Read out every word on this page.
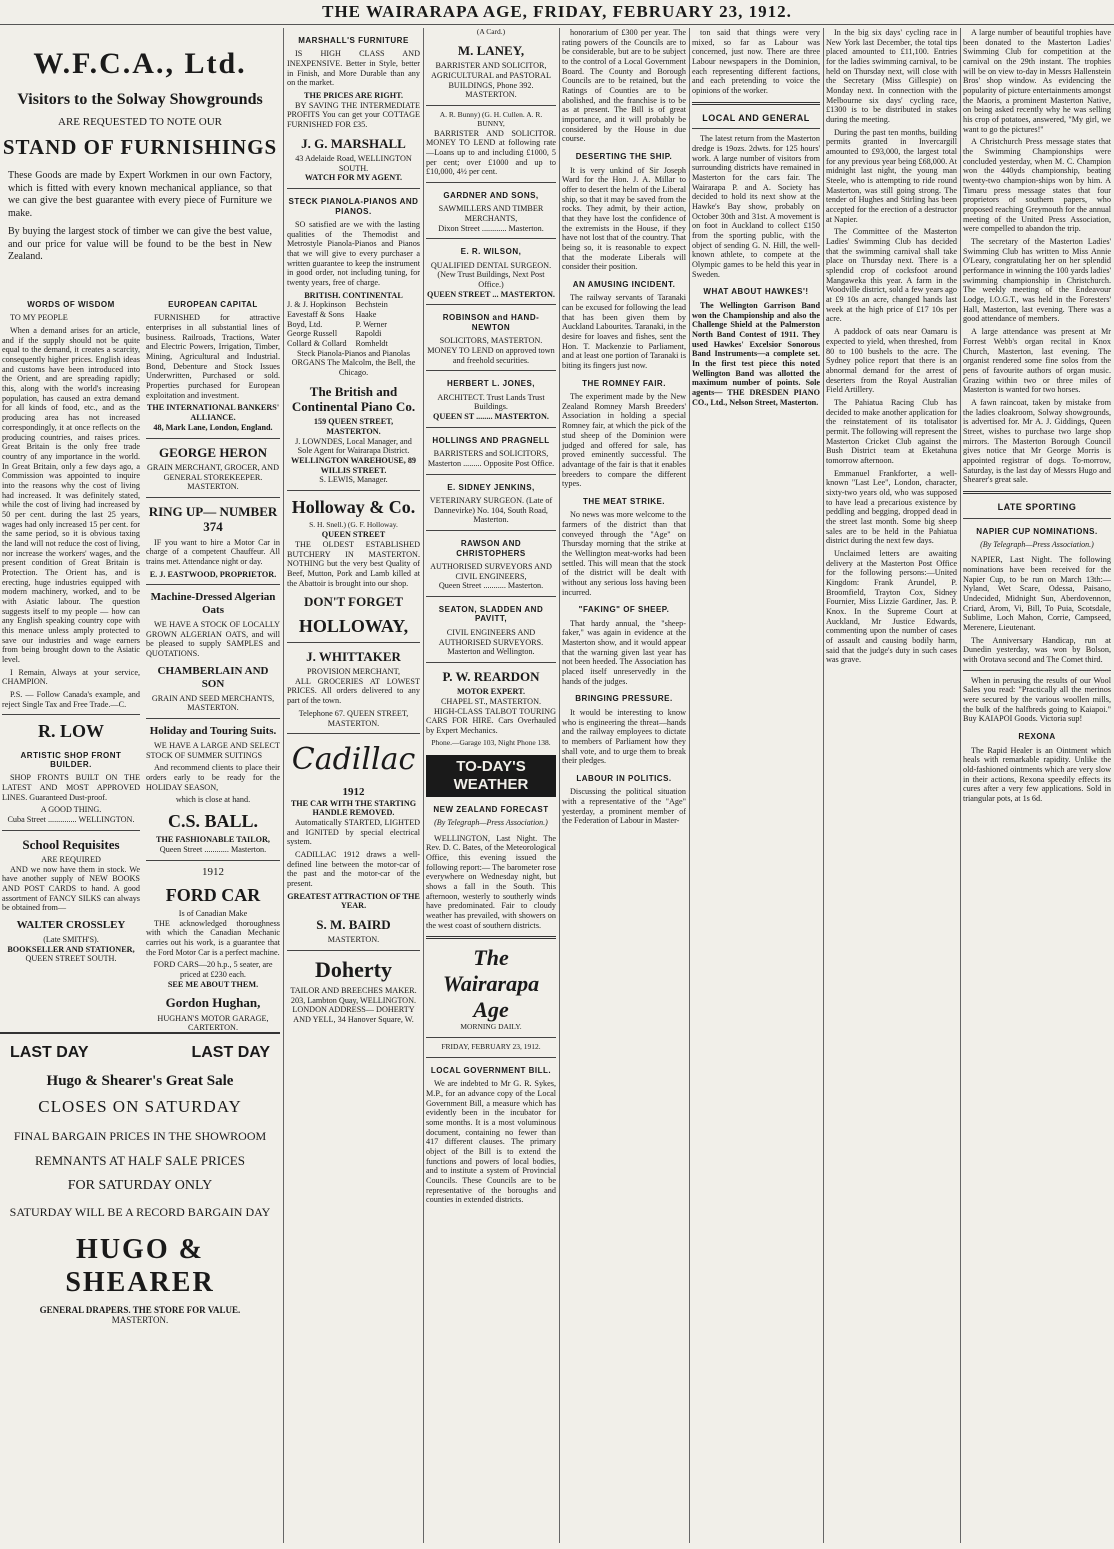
THE WAIRARAPA AGE, FRIDAY, FEBRUARY 23, 1912.
W.F.C.A., Ltd.
Visitors to the Solway Showgrounds
ARE REQUESTED TO NOTE OUR
STAND OF FURNISHINGS
These Goods are made by Expert Workmen in our own Factory, which is fitted with every known mechanical appliance, so that we can give the best guarantee with every piece of Furniture we make.
By buying the largest stock of timber we can give the best value, and our price for value will be found to be the best in New Zealand.
WORDS OF WISDOM

TO MY PEOPLE

When a demand arises for an article, and if the supply should not be quite equal to the demand, it creates a scarcity, consequently higher prices. English ideas and customs have been introduced into the Orient, and are spreading rapidly; this, along with the world's increasing population, has caused an extra demand for all kinds of food, etc., and as the producing area has not increased correspondingly, it at once reflects on the producing countries, and raises prices. Great Britain is the only free trade country of any importance in the world. In Great Britain, only a few days ago, a Commission was appointed to inquire into the reasons why the cost of living had increased. It was definitely stated, while the cost of living had increased by 50 per cent. during the last 25 years, wages had only increased 15 per cent. for the same period, so it is obvious taxing the land will not reduce the cost of living, nor increase the workers' wages, and the present condition of Great Britain is Protection. The Orient has, and is erecting, huge industries equipped with modern machinery, worked, and to be with Asiatic labour. The question suggests itself to my people — how can any English speaking country cope with this menace unless amply protected to save our industries and wage earners from being brought down to the Asiatic level.

I Remain, Always at your service, CHAMPION.

P.S. — Follow Canada's example, and reject Single Tax and Free Trade.—C.

R. LOW
ARTISTIC SHOP FRONT BUILDER.

SHOP FRONTS BUILT ON THE LATEST AND MOST APPROVED LINES. Guaranteed Dust-proof.

A GOOD THING.
Cuba Street .............. WELLINGTON.
School Requisites
ARE REQUIRED

AND we now have them in stock. We have another supply of NEW BOOKS AND POST CARDS to hand. A good assortment of FANCY SILKS can always be obtained from—

WALTER CROSSLEY
(Late SMITH'S).
BOOKSELLER AND STATIONER,
QUEEN STREET SOUTH.
EUROPEAN CAPITAL

FURNISHED for attractive enterprises in all substantial lines of business. Railroads, Tractions, Water and Electric Powers, Irrigation, Timber, Mining, Agricultural and Industrial. Bond, Debenture and Stock Issues Underwritten, Purchased or sold. Properties purchased for European exploitation and investment.

THE INTERNATIONAL BANKERS' ALLIANCE.
48, Mark Lane, London, England.
GEORGE HERON
GRAIN MERCHANT, GROCER, AND GENERAL STOREKEEPER.
MASTERTON.
RING UP— NUMBER 374

IF you want to hire a Motor Car in charge of a competent Chauffeur. All trains met. Attendance night or day.

E. J. EASTWOOD, PROPRIETOR.
Machine-Dressed Algerian Oats

WE HAVE A STOCK OF LOCALLY GROWN ALGERIAN OATS, and will be pleased to supply SAMPLES and QUOTATIONS.

CHAMBERLAIN AND SON
GRAIN AND SEED MERCHANTS, MASTERTON.
Holiday and Touring Suits.

WE HAVE A LARGE AND SELECT STOCK OF SUMMER SUITINGS

And recommend clients to place their orders early to be ready for the HOLIDAY SEASON,

which is close at hand.
C.S. BALL.
THE FASHIONABLE TAILOR,
Queen Street ............ Masterton.
1912
FORD CAR
Is of Canadian Make

THE acknowledged thoroughness with which the Canadian Mechanic carries out his work, is a guarantee that the Ford Motor Car is a perfect machine.

FORD CARS—20 h.p., 5 seater, are priced at £230 each.
SEE ME ABOUT THEM.
Gordon Hughan,
HUGHAN'S MOTOR GARAGE, CARTERTON.
LAST DAY	LAST DAY
Hugo & Shearer's Great Sale
CLOSES ON SATURDAY
FINAL BARGAIN PRICES IN THE SHOWROOM
REMNANTS AT HALF SALE PRICES
FOR SATURDAY ONLY
SATURDAY WILL BE A RECORD BARGAIN DAY
HUGO & SHEARER
GENERAL DRAPERS. THE STORE FOR VALUE.
MASTERTON.
MARSHALL'S FURNITURE

IS HIGH CLASS AND INEXPENSIVE. Better in Style, better in Finish, and More Durable than any on the market.

THE PRICES ARE RIGHT.

BY SAVING THE INTERMEDIATE PROFITS You can get your COTTAGE FURNISHED FOR £35.

J. G. MARSHALL
43 Adelaide Road, WELLINGTON SOUTH.
WATCH FOR MY AGENT.
STECK PIANOLA-PIANOS AND PIANOS.

SO satisfied are we with the lasting qualities of the Themodist and Metrostyle Pianola-Pianos and Pianos that we will give to every purchaser a written guarantee to keep the instrument in good order, not including tuning, for twenty years, free of charge.

BRITISH. CONTINENTAL
J. & J. Hopkinson	Bechstein
Eavestaff & Sons	Haake
Boyd, Ltd.	P. Werner
George Russell	Rapoldi
Collard & Collard	Romheldt
Steck Pianola-Pianos and Pianolas
ORGANS The Malcolm, the Bell, the Chicago.
The British and Continental Piano Co.
159 QUEEN STREET, MASTERTON.
J. LOWNDES, Local Manager, and Sole Agent for Wairarapa District.
WELLINGTON WAREHOUSE, 89 WILLIS STREET.
S. LEWIS, Manager.
Holloway & Co.
S. H. Snell.) (G. F. Holloway.
QUEEN STREET

THE OLDEST ESTABLISHED BUTCHERY IN MASTERTON. NOTHING but the very best Quality of Beef, Mutton, Pork and Lamb killed at the Abattoir is brought into our shop.

DON'T FORGET
HOLLOWAY,
J. WHITTAKER
PROVISION MERCHANT,

ALL GROCERIES AT LOWEST PRICES. All orders delivered to any part of the town.

Telephone 67. QUEEN STREET, MASTERTON.
Cadillac
1912
THE CAR WITH THE STARTING HANDLE REMOVED.

Automatically STARTED, LIGHTED and IGNITED by special electrical system.

CADILLAC 1912 draws a well-defined line between the motor-car of the past and the motor-car of the present.

GREATEST ATTRACTION OF THE YEAR.
S. M. BAIRD
MASTERTON.
Doherty
TAILOR AND BREECHES MAKER.
203, Lambton Quay, WELLINGTON.
LONDON ADDRESS— DOHERTY AND YELL, 34 Hanover Square, W.
(A Card.)
M. LANEY,
BARRISTER AND SOLICITOR, AGRICULTURAL and PASTORAL BUILDINGS, Phone 392. MASTERTON.
A. R. Bunny) (G. H. Cullen. A. R. BUNNY,

BARRISTER AND SOLICITOR. MONEY TO LEND at following rate—Loans up to and including £1000, 5 per cent; over £1000 and up to £10,000, 4½ per cent.

GARDNER AND SONS,
SAWMILLERS AND TIMBER MERCHANTS,
Dixon Street ............ Masterton.
E. R. WILSON,
QUALIFIED DENTAL SURGEON. (New Trust Buildings, Next Post Office.)
QUEEN STREET ... MASTERTON.
ROBINSON and HAND-NEWTON
SOLICITORS, MASTERTON. MONEY TO LEND on approved town and freehold securities.
HERBERT L. JONES,
ARCHITECT. Trust Lands Trust Buildings.
QUEEN ST ........ MASTERTON.
HOLLINGS AND PRAGNELL
BARRISTERS and SOLICITORS, Masterton ......... Opposite Post Office.
E. SIDNEY JENKINS,
VETERINARY SURGEON. (Late of Dannevirke) No. 104, South Road, Masterton.
RAWSON AND CHRISTOPHERS
AUTHORISED SURVEYORS AND CIVIL ENGINEERS,
Queen Street ........... Masterton.
SEATON, SLADDEN AND PAVITT,
CIVIL ENGINEERS AND AUTHORISED SURVEYORS. Masterton and Wellington.
P. W. REARDON
MOTOR EXPERT.
CHAPEL ST., MASTERTON.

HIGH-CLASS TALBOT TOURING CARS FOR HIRE. Cars Overhauled by Expert Mechanics.

Phone.—Garage 103, Night Phone 138.
TO-DAY'S WEATHER
NEW ZEALAND FORECAST
(By Telegraph—Press Association.)

WELLINGTON, Last Night. The Rev. D. C. Bates, of the Meteorological Office, this evening issued the following report:— The barometer rose everywhere on Wednesday night, but shows a fall in the South. This afternoon, westerly to southerly winds have predominated. Fair to cloudy weather has prevailed, with showers on the west coast of southern districts.

The Wairarapa Age
MORNING DAILY.
FRIDAY, FEBRUARY 23, 1912.
LOCAL GOVERNMENT BILL.

We are indebted to Mr G. R. Sykes, M.P., for an advance copy of the Local Government Bill, a measure which has evidently been in the incubator for some months. It is a most voluminous document, containing no fewer than 417 different clauses. The primary object of the Bill is to extend the functions and powers of local bodies, and to institute a system of Provincial Councils. These Councils are to be representative of the boroughs and counties in extended districts.

honorarium of £300 per year. The rating powers of the Councils are to be considerable, but are to be subject to the control of a Local Government Board. The County and Borough Councils are to be retained, but the Ratings of Counties are to be abolished, and the franchise is to be as at present. The Bill is of great importance, and it will probably be considered by the House in due course.

DESERTING THE SHIP.

It is very unkind of Sir Joseph Ward for the Hon. J. A. Millar to offer to desert the helm of the Liberal ship, so that it may be saved from the rocks. They admit, by their action, that they have lost the confidence of the extremists in the House, if they have not lost that of the country. That being so, it is reasonable to expect that the moderate Liberals will consider their position.

AN AMUSING INCIDENT.

The railway servants of Taranaki can be excused for following the lead that has been given them by Auckland Labourites. Taranaki, in the desire for loaves and fishes, sent the Hon. T. Mackenzie to Parliament, and at least one portion of Taranaki is biting its fingers just now.

THE ROMNEY FAIR.

The experiment made by the New Zealand Romney Marsh Breeders' Association in holding a special Romney fair, at which the pick of the stud sheep of the Dominion were judged and offered for sale, has proved eminently successful. The advantage of the fair is that it enables breeders to compare the different types.

THE MEAT STRIKE.

No news was more welcome to the farmers of the district than that conveyed through the "Age" on Thursday morning that the strike at the Wellington meat-works had been settled. This will mean that the stock of the district will be dealt with without any serious loss having been incurred.

"FAKING" OF SHEEP.

That hardy annual, the "sheep-faker," was again in evidence at the Masterton show, and it would appear that the warning given last year has not been heeded. The Association has placed itself unreservedly in the hands of the judges.

BRINGING PRESSURE.

It would be interesting to know who is engineering the threat—hands and the railway employees to dictate to members of Parliament how they shall vote, and to urge them to break their pledges.

LABOUR IN POLITICS.

Discussing the political situation with a representative of the "Age" yesterday, a prominent member of the Federation of Labour in Master-

ton said that things were very mixed, so far as Labour was concerned, just now. There are three Labour newspapers in the Dominion, each representing different factions, and each pretending to voice the opinions of the worker.

LOCAL AND GENERAL

The latest return from the Masterton dredge is 19ozs. 2dwts. for 125 hours' work. A large number of visitors from surrounding districts have remained in Masterton for the cars fair. The Wairarapa P. and A. Society has decided to hold its next show at the Hawke's Bay show, probably on October 30th and 31st. A movement is on foot in Auckland to collect £150 from the sporting public, with the object of sending G. N. Hill, the well-known athlete, to compete at the Olympic games to be held this year in Sweden.

WHAT ABOUT HAWKES'!

The Wellington Garrison Band won the Championship and also the Challenge Shield at the Palmerston North Band Contest of 1911. They used Hawkes' Excelsior Sonorous Band Instruments—a complete set. In the first test piece this noted Wellington Band was allotted the maximum number of points. Sole agents— THE DRESDEN PIANO CO., Ltd., Nelson Street, Masterton.

In the big six days' cycling race in New York last December, the total tips placed amounted to £11,100. Entries for the ladies swimming carnival, to be held on Thursday next, will close with the Secretary (Miss Gillespie) on Monday next. In connection with the Melbourne six days' cycling race, £1300 is to be distributed in stakes during the meeting.

During the past ten months, building permits granted in Invercargill amounted to £93,000, the largest total for any previous year being £68,000. At midnight last night, the young man Steele, who is attempting to ride round Masterton, was still going strong. The tender of Hughes and Stirling has been accepted for the erection of a destructor at Napier.

The Committee of the Masterton Ladies' Swimming Club has decided that the swimming carnival shall take place on Thursday next. There is a splendid crop of cocksfoot around Mangaweka this year. A farm in the Woodville district, sold a few years ago at £9 10s an acre, changed hands last week at the high price of £17 10s per acre.

A paddock of oats near Oamaru is expected to yield, when threshed, from 80 to 100 bushels to the acre. The Sydney police report that there is an abnormal demand for the arrest of deserters from the Royal Australian Field Artillery.

The Pahiatua Racing Club has decided to make another application for the reinstatement of its totalisator permit. The following will represent the Masterton Cricket Club against the Bush District team at Eketahuna tomorrow afternoon.

Emmanuel Frankforter, a well-known "Last Lee", London, character, sixty-two years old, who was supposed to have lead a precarious existence by peddling and begging, dropped dead in the street last month. Some big sheep sales are to be held in the Pahiatua district during the next few days.

Unclaimed letters are awaiting delivery at the Masterton Post Office for the following persons:—United Kingdom: Frank Arundel, P. Broomfield, Trayton Cox, Sidney Fournier, Miss Lizzie Gardiner, Jas. P. Knox. In the Supreme Court at Auckland, Mr Justice Edwards, commenting upon the number of cases of assault and causing bodily harm, said that the judge's duty in such cases was grave.

A large number of beautiful trophies have been donated to the Masterton Ladies' Swimming Club for competition at the carnival on the 29th instant. The trophies will be on view to-day in Messrs Hallenstein Bros' shop window. As evidencing the popularity of picture entertainments amongst the Maoris, a prominent Masterton Native, on being asked recently why he was selling his crop of potatoes, answered, "My girl, we want to go the pictures!"

A Christchurch Press message states that the Swimming Championships were concluded yesterday, when M. C. Champion won the 440yds championship, beating twenty-two champion-ships won by him. A Timaru press message states that four proprietors of southern papers, who proposed reaching Greymouth for the annual meeting of the United Press Association, were compelled to abandon the trip.

The secretary of the Masterton Ladies' Swimming Club has written to Miss Annie O'Leary, congratulating her on her splendid performance in winning the 100 yards ladies' swimming championship in Christchurch. The weekly meeting of the Endeavour Lodge, I.O.G.T., was held in the Foresters' Hall, Masterton, last evening. There was a good attendance of members.

A large attendance was present at Mr Forrest Webb's organ recital in Knox Church, Masterton, last evening. The organist rendered some fine solos from the pens of favourite authors of organ music. Grazing within two or three miles of Masterton is wanted for two horses.

A fawn raincoat, taken by mistake from the ladies cloakroom, Solway showgrounds, is advertised for. Mr A. J. Giddings, Queen Street, wishes to purchase two large shop mirrors. The Masterton Borough Council gives notice that Mr George Morris is appointed registrar of dogs. To-morrow, Saturday, is the last day of Messrs Hugo and Shearer's great sale.

LATE SPORTING
NAPIER CUP NOMINATIONS.
(By Telegraph—Press Association.)

NAPIER, Last Night. The following nominations have been received for the Napier Cup, to be run on March 13th:— Nyland, Wet Scare, Odessa, Paisano, Undecided, Midnight Sun, Aberdovennon, Criard, Arom, Vi, Bill, To Puia, Scotsdale, Sublime, Loch Mahon, Corrie, Campseed, Merenere, Lieutenant.

The Anniversary Handicap, run at Dunedin yesterday, was won by Bolson, with Orotava second and The Comet third.

When in perusing the results of our Wool Sales you read: "Practically all the merinos were secured by the various woollen mills, the bulk of the halfbreds going to Kaiapoi." Buy KAIAPOI Goods. Victoria sup!

REXONA

The Rapid Healer is an Ointment which heals with remarkable rapidity. Unlike the old-fashioned ointments which are very slow in their actions, Rexona speedily effects its cures after a very few applications. Sold in triangular pots, at 1s 6d.
